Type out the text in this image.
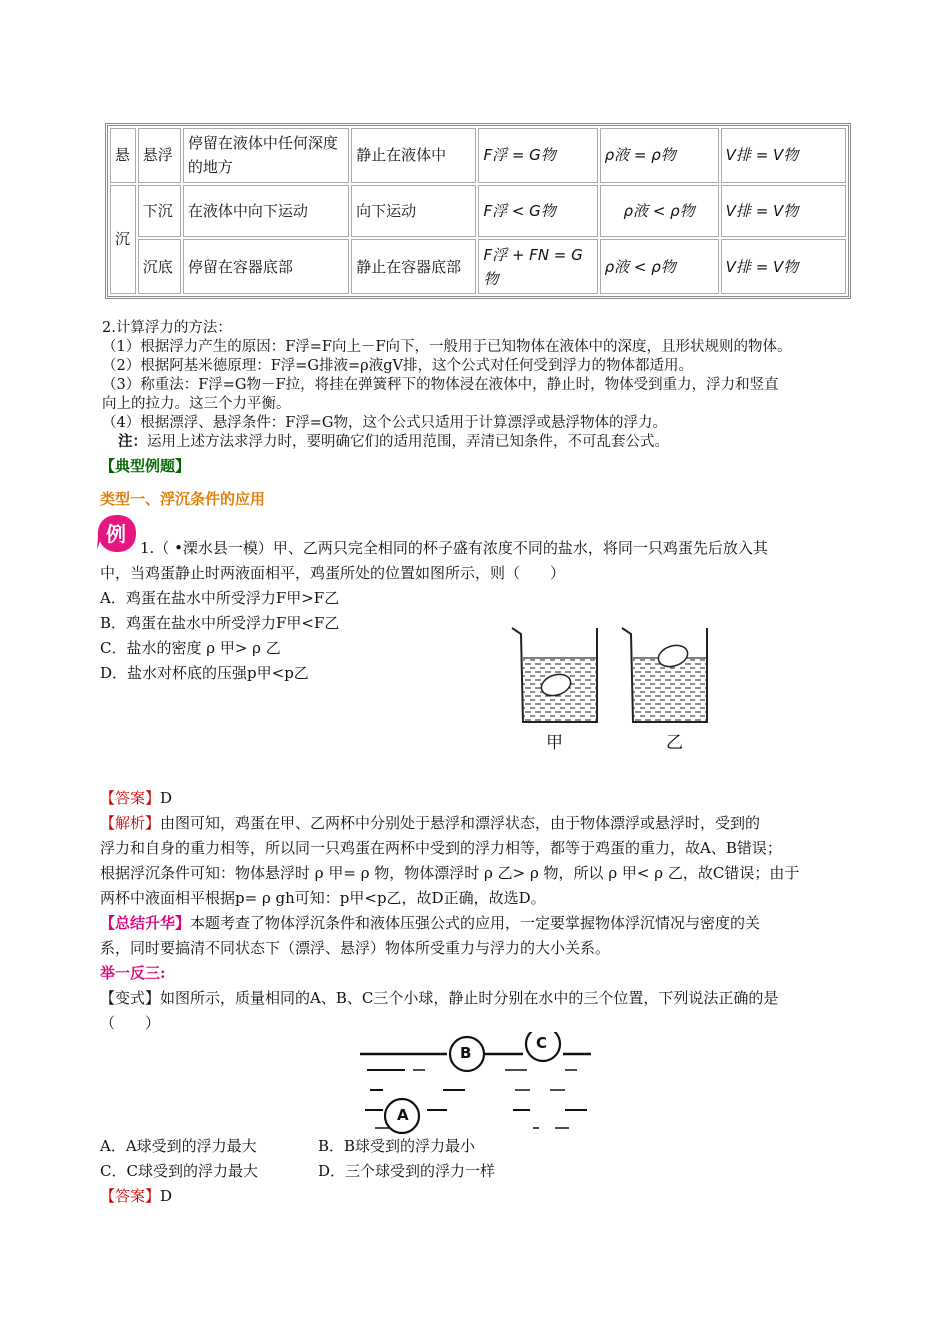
悬	悬浮	停留在液体中任何深度的地方	静止在液体中	F浮 = G物	ρ液 = ρ物	V排 = V物
沉	下沉	在液体中向下运动	向下运动	F浮 < G物	ρ液 < ρ物	V排 = V物
	沉底	停留在容器底部	静止在容器底部	F浮 + FN = G物	ρ液 < ρ物	V排 = V物
2.计算浮力的方法：
（1）根据浮力产生的原因：F浮=F向上－F向下，一般用于已知物体在液体中的深度，且形状规则的物体。
（2）根据阿基米德原理：F浮=G排液=ρ液gV排，这个公式对任何受到浮力的物体都适用。
（3）称重法：F浮=G物－F拉，将挂在弹簧秤下的物体浸在液体中，静止时，物体受到重力，浮力和竖直
向上的拉力。这三个力平衡。
（4）根据漂浮、悬浮条件：F浮=G物，这个公式只适用于计算漂浮或悬浮物体的浮力。
注：运用上述方法求浮力时，要明确它们的适用范围，弄清已知条件，不可乱套公式。
【典型例题】
类型一、浮沉条件的应用
例
1.（ •溧水县一模）甲、乙两只完全相同的杯子盛有浓度不同的盐水，将同一只鸡蛋先后放入其
中，当鸡蛋静止时两液面相平，鸡蛋所处的位置如图所示，则（　　）
A．鸡蛋在盐水中所受浮力F甲>F乙
B．鸡蛋在盐水中所受浮力F甲<F乙
C．盐水的密度 ρ 甲> ρ 乙
D．盐水对杯底的压强p甲<p乙
甲	乙
【答案】D
【解析】由图可知，鸡蛋在甲、乙两杯中分别处于悬浮和漂浮状态，由于物体漂浮或悬浮时，受到的
浮力和自身的重力相等，所以同一只鸡蛋在两杯中受到的浮力相等，都等于鸡蛋的重力，故A、B错误；
根据浮沉条件可知：物体悬浮时 ρ 甲= ρ 物，物体漂浮时 ρ 乙> ρ 物，所以 ρ 甲< ρ 乙，故C错误；由于
两杯中液面相平根据p= ρ gh可知：p甲<p乙，故D正确，故选D。
【总结升华】本题考查了物体浮沉条件和液体压强公式的应用，一定要掌握物体浮沉情况与密度的关
系，同时要搞清不同状态下（漂浮、悬浮）物体所受重力与浮力的大小关系。
举一反三:
【变式】如图所示，质量相同的A、B、C三个小球，静止时分别在水中的三个位置，下列说法正确的是
（　　）
B
C
A
A．A球受到的浮力最大	B．B球受到的浮力最小
C．C球受到的浮力最大	D．三个球受到的浮力一样
【答案】D
